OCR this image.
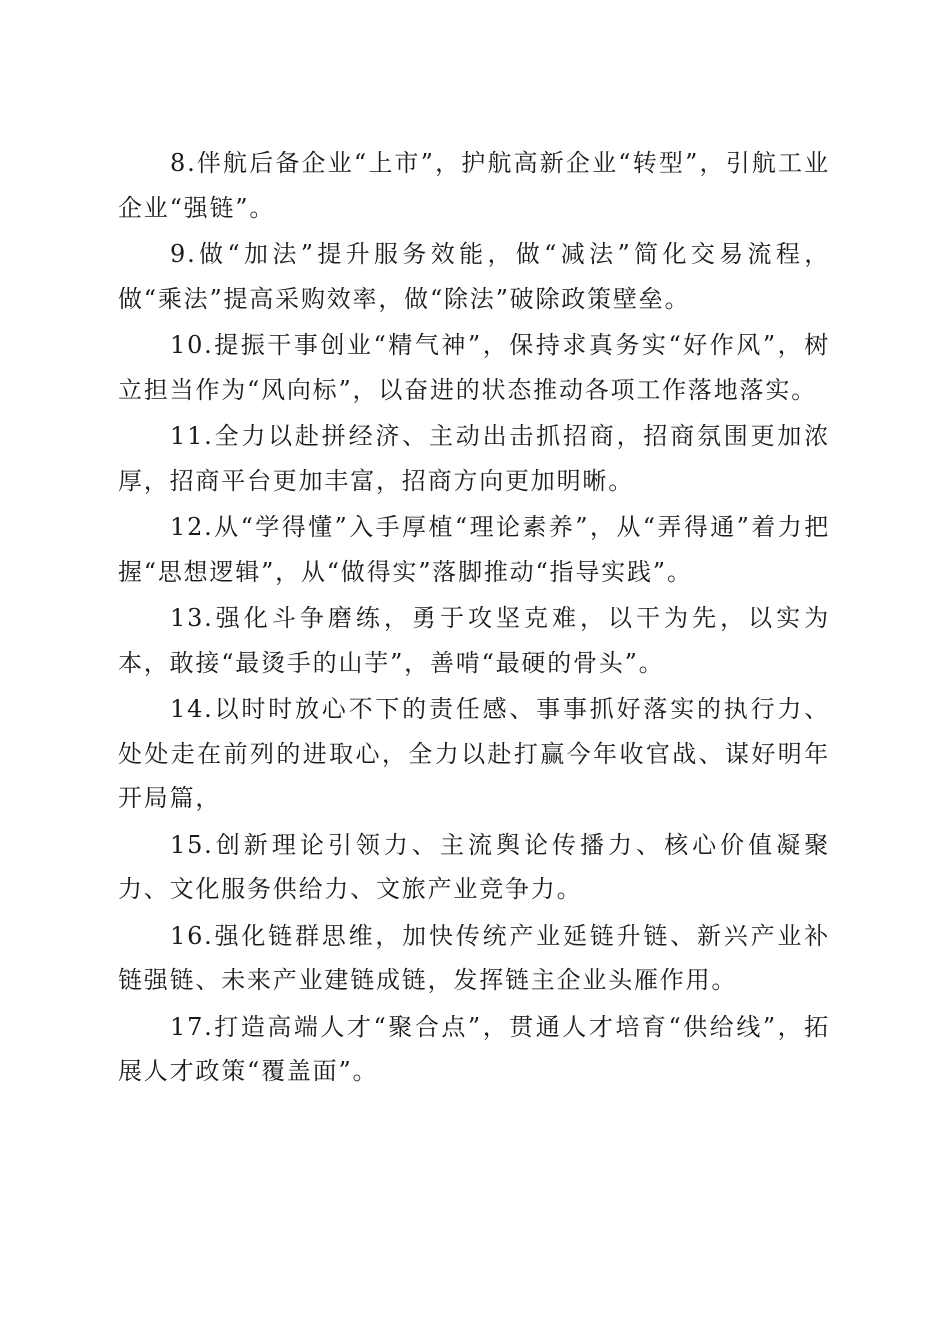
8.伴航后备企业“上市”，护航高新企业“转型”，引航工业企业“强链”。

9.做“加法”提升服务效能，做“减法”简化交易流程，做“乘法”提高采购效率，做“除法”破除政策壁垒。

10.提振干事创业“精气神”，保持求真务实“好作风”，树立担当作为“风向标”，以奋进的状态推动各项工作落地落实。

11.全力以赴拼经济、主动出击抓招商，招商氛围更加浓厚，招商平台更加丰富，招商方向更加明晰。

12.从“学得懂”入手厚植“理论素养”，从“弄得通”着力把握“思想逻辑”，从“做得实”落脚推动“指导实践”。

13.强化斗争磨练，勇于攻坚克难，以干为先，以实为本，敢接“最烫手的山芋”，善啃“最硬的骨头”。

14.以时时放心不下的责任感、事事抓好落实的执行力、处处走在前列的进取心，全力以赴打赢今年收官战、谋好明年开局篇，

15.创新理论引领力、主流舆论传播力、核心价值凝聚力、文化服务供给力、文旅产业竞争力。

16.强化链群思维，加快传统产业延链升链、新兴产业补链强链、未来产业建链成链，发挥链主企业头雁作用。

17.打造高端人才“聚合点”，贯通人才培育“供给线”，拓展人才政策“覆盖面”。
